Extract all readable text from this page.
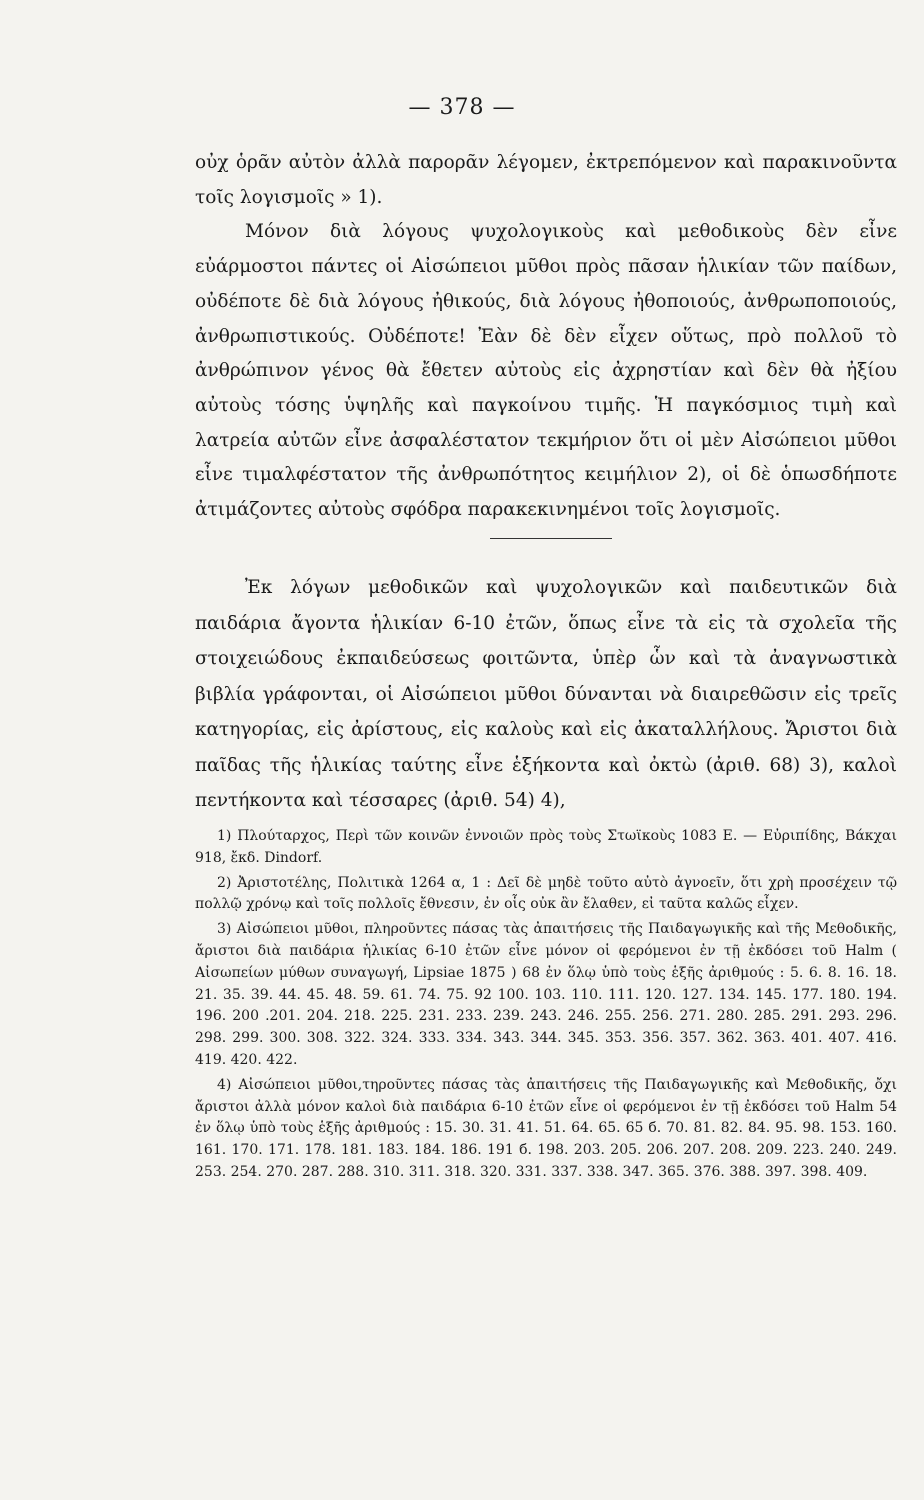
— 378 —

οὐχ ὁρᾶν αὐτὸν ἀλλὰ παρορᾶν λέγομεν, ἐκτρεπόμενον καὶ παρακινοῦντα τοῖς λογισμοῖς » 1).

Μόνον διὰ λόγους ψυχολογικοὺς καὶ μεθοδικοὺς δὲν εἶνε εὐάρμοστοι πάντες οἱ Αἰσώπειοι μῦθοι πρὸς πᾶσαν ἡλικίαν τῶν παίδων, οὐδέποτε δὲ διὰ λόγους ἠθικούς, διὰ λόγους ἠθοποιούς, ἀνθρωποποιούς, ἀνθρωπιστικούς. Οὐδέποτε! Ἐὰν δὲ δὲν εἶχεν οὕτως, πρὸ πολλοῦ τὸ ἀνθρώπινον γένος θὰ ἔθετεν αὐτοὺς εἰς ἀχρηστίαν καὶ δὲν θὰ ἠξίου αὐτοὺς τόσης ὑψηλῆς καὶ παγκοίνου τιμῆς. Ἡ παγκόσμιος τιμὴ καὶ λατρεία αὐτῶν εἶνε ἀσφαλέστατον τεκμήριον ὅτι οἱ μὲν Αἰσώπειοι μῦθοι εἶνε τιμαλφέστατον τῆς ἀνθρωπότητος κειμήλιον 2), οἱ δὲ ὁπωσδήποτε ἀτιμάζοντες αὐτοὺς σφόδρα παρακεκινημένοι τοῖς λογισμοῖς.

Ἐκ λόγων μεθοδικῶν καὶ ψυχολογικῶν καὶ παιδευτικῶν διὰ παιδάρια ἄγοντα ἡλικίαν 6-10 ἐτῶν, ὅπως εἶνε τὰ εἰς τὰ σχολεῖα τῆς στοιχειώδους ἐκπαιδεύσεως φοιτῶντα, ὑπὲρ ὧν καὶ τὰ ἀναγνωστικὰ βιβλία γράφονται, οἱ Αἰσώπειοι μῦθοι δύνανται νὰ διαιρεθῶσιν εἰς τρεῖς κατηγορίας, εἰς ἀρίστους, εἰς καλοὺς καὶ εἰς ἀκαταλλήλους. Ἄριστοι διὰ παῖδας τῆς ἡλικίας ταύτης εἶνε ἑξήκοντα καὶ ὀκτὼ (ἀριθ. 68) 3), καλοὶ πεντήκοντα καὶ τέσσαρες (ἀριθ. 54) 4),

1) Πλούταρχος, Περὶ τῶν κοινῶν ἐννοιῶν πρὸς τοὺς Στωϊκοὺς 1083 Ε. — Εὐριπίδης, Βάκχαι 918, ἔκδ. Dindorf.

2) Ἀριστοτέλης, Πολιτικὰ 1264 α, 1 : Δεῖ δὲ μηδὲ τοῦτο αὐτὸ ἀγνοεῖν, ὅτι χρὴ προσέχειν τῷ πολλῷ χρόνῳ καὶ τοῖς πολλοῖς ἔθνεσιν, ἐν οἷς οὐκ ἂν ἔλαθεν, εἰ ταῦτα καλῶς εἶχεν.

3) Αἰσώπειοι μῦθοι, πληροῦντες πάσας τὰς ἀπαιτήσεις τῆς Παιδαγωγικῆς καὶ τῆς Μεθοδικῆς, ἄριστοι διὰ παιδάρια ἡλικίας 6-10 ἐτῶν εἶνε μόνον οἱ φερόμενοι ἐν τῇ ἐκδόσει τοῦ Halm ( Αἰσωπείων μύθων συναγωγή, Lipsiae 1875 ) 68 ἐν ὅλῳ ὑπὸ τοὺς ἑξῆς ἀριθμούς : 5. 6. 8. 16. 18. 21. 35. 39. 44. 45. 48. 59. 61. 74. 75. 92 100. 103. 110. 111. 120. 127. 134. 145. 177. 180. 194. 196. 200 .201. 204. 218. 225. 231. 233. 239. 243. 246. 255. 256. 271. 280. 285. 291. 293. 296. 298. 299. 300. 308. 322. 324. 333. 334. 343. 344. 345. 353. 356. 357. 362. 363. 401. 407. 416. 419. 420. 422.

4) Αἰσώπειοι μῦθοι,τηροῦντες πάσας τὰς ἀπαιτήσεις τῆς Παιδαγωγικῆς καὶ Μεθοδικῆς, ὄχι ἄριστοι ἀλλὰ μόνον καλοὶ διὰ παιδάρια 6-10 ἐτῶν εἶνε οἱ φερόμενοι ἐν τῇ ἐκδόσει τοῦ Halm 54 ἐν ὅλῳ ὑπὸ τοὺς ἑξῆς ἀριθμούς : 15. 30. 31. 41. 51. 64. 65. 65 б. 70. 81. 82. 84. 95. 98. 153. 160. 161. 170. 171. 178. 181. 183. 184. 186. 191 б. 198. 203. 205. 206. 207. 208. 209. 223. 240. 249. 253. 254. 270. 287. 288. 310. 311. 318. 320. 331. 337. 338. 347. 365. 376. 388. 397. 398. 409.
